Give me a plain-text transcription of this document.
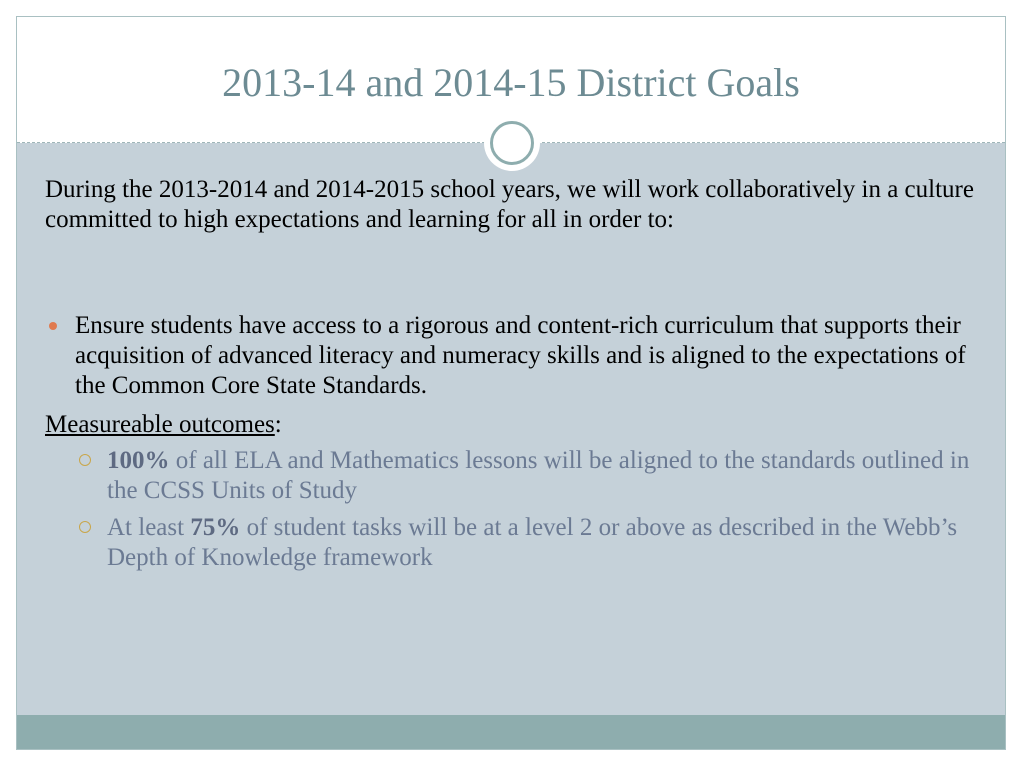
2013-14 and 2014-15 District Goals

During the 2013-2014 and 2014-2015 school years, we will work collaboratively in a culture committed to high expectations and learning for all in order to:

Ensure students have access to a rigorous and content-rich curriculum that supports their acquisition of advanced literacy and numeracy skills and is aligned to the expectations of the Common Core State Standards.

Measureable outcomes:

100% of all ELA and Mathematics lessons will be aligned to the standards outlined in the CCSS Units of Study
At least 75% of student tasks will be at a level 2 or above as described in the Webb’s Depth of Knowledge framework
